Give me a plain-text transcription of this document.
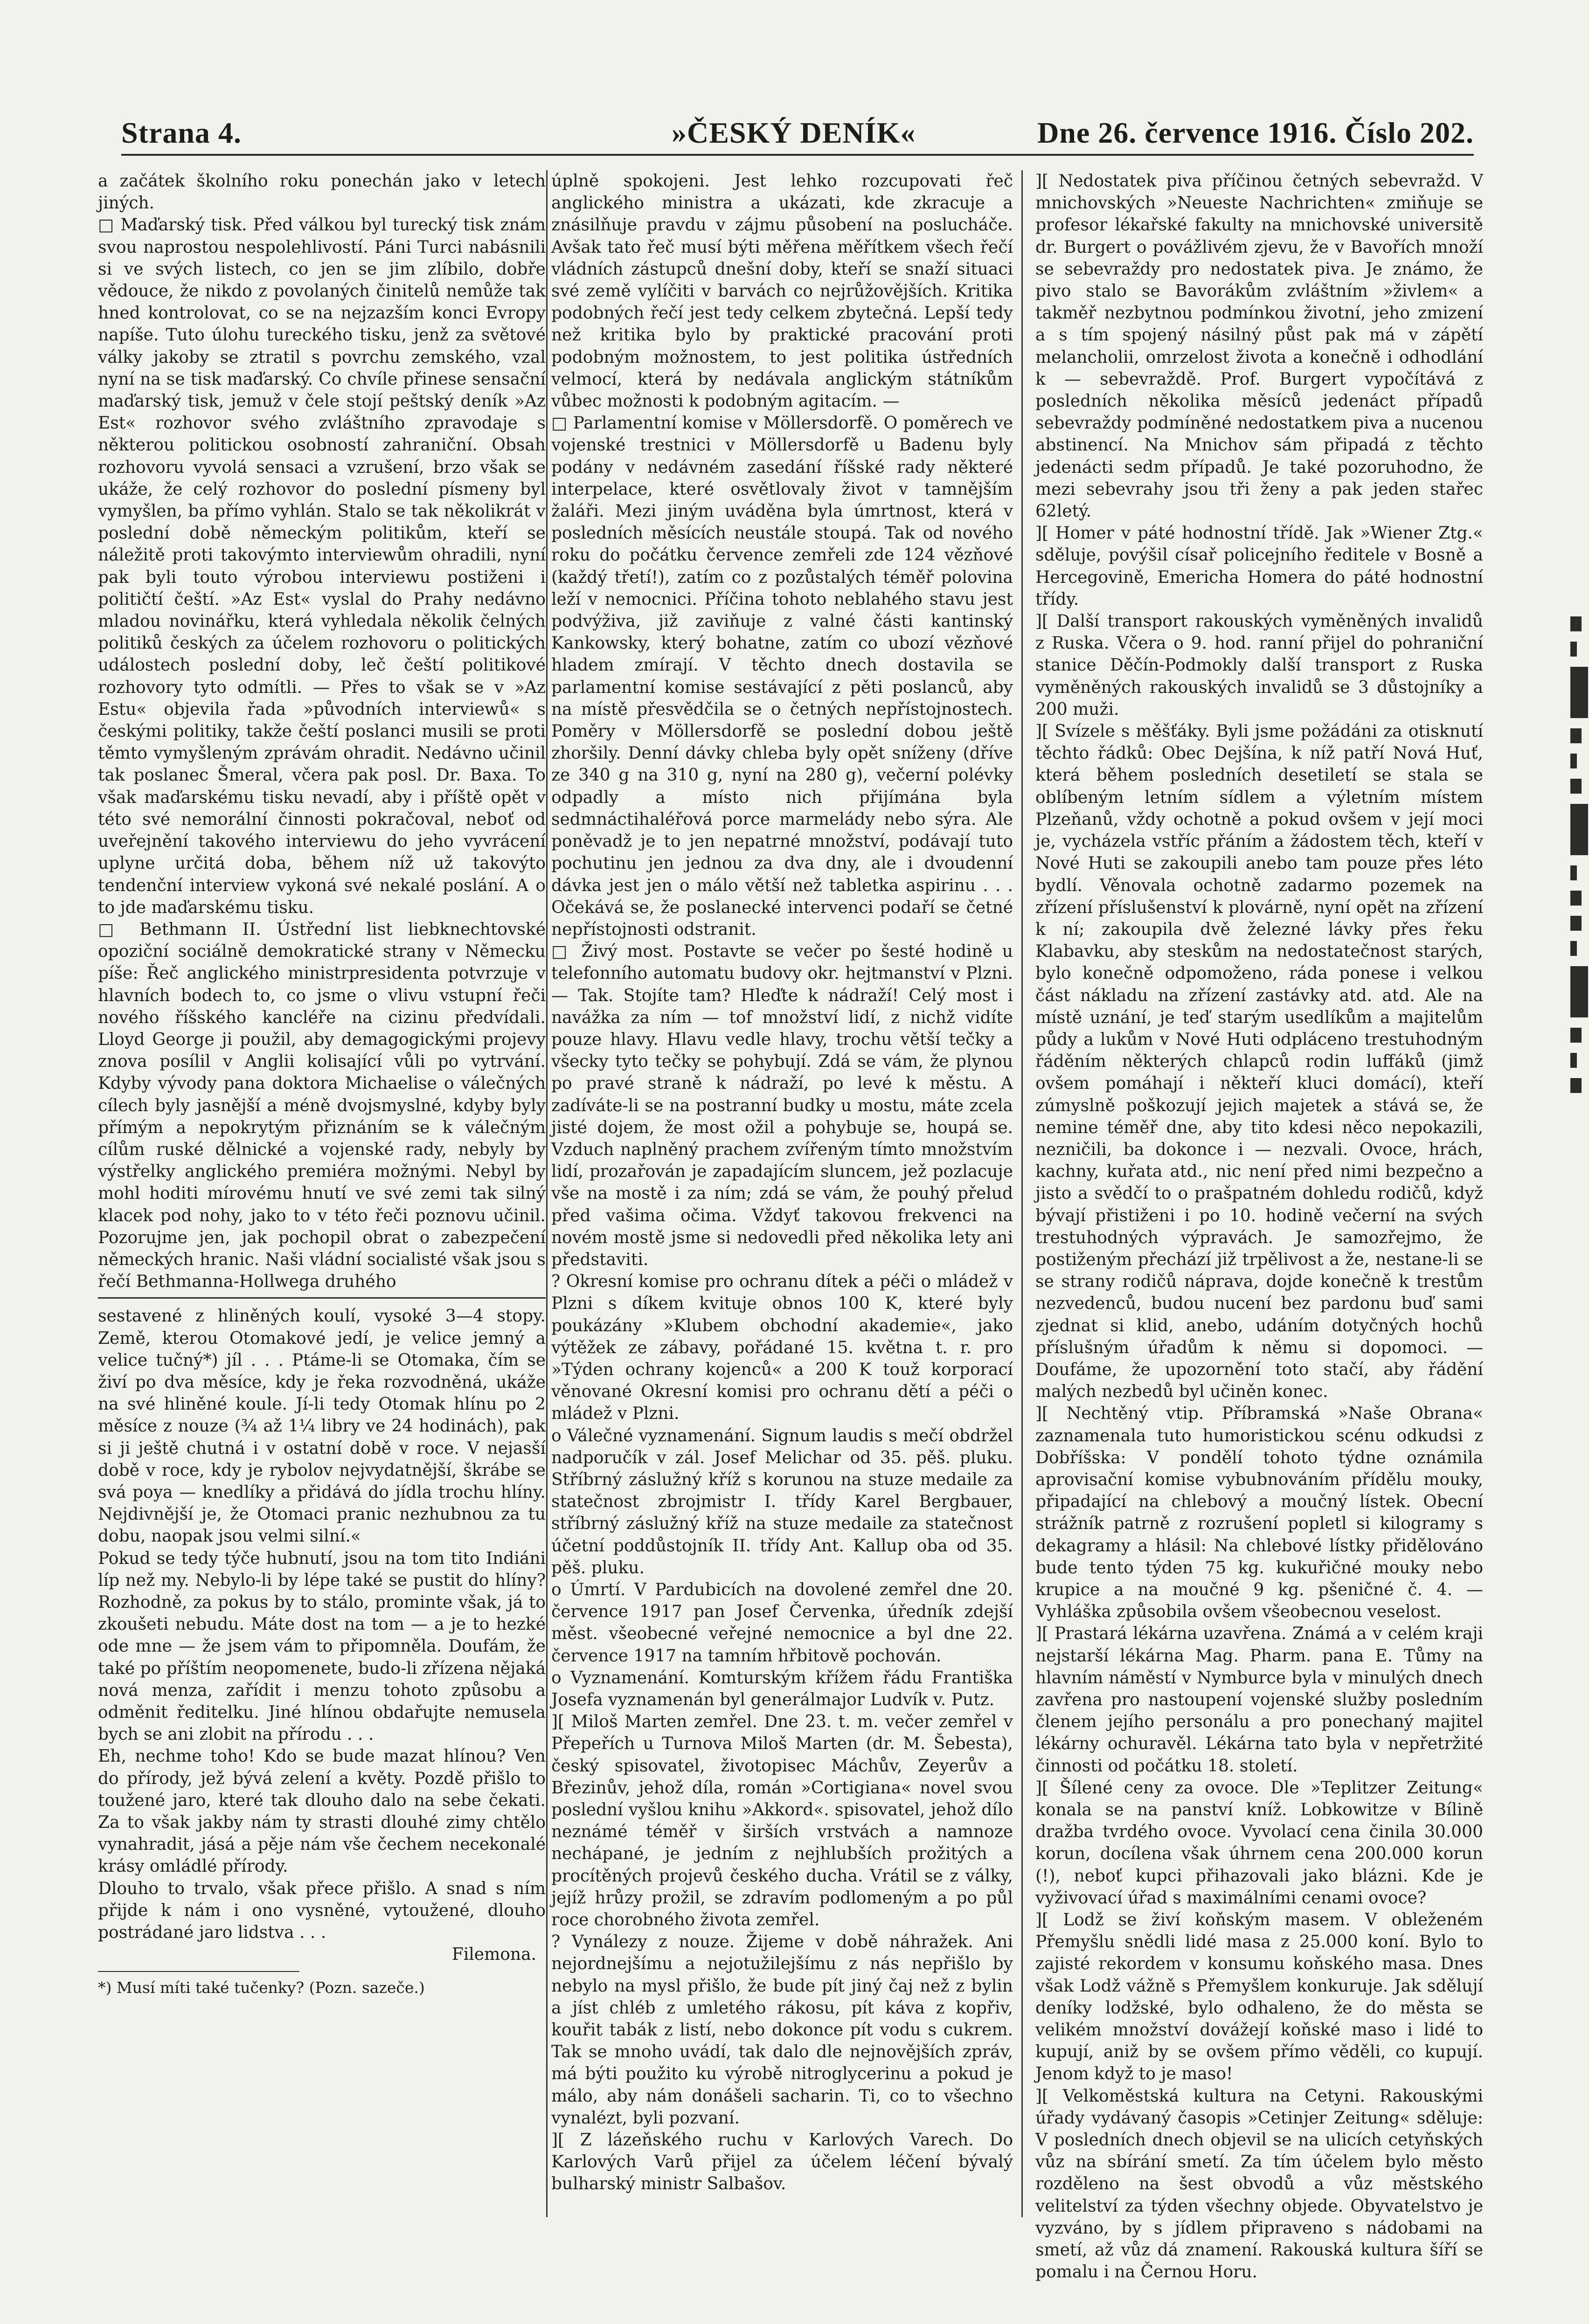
Strana 4.	»ČESKÝ DENÍK«	Dne 26. července 1916. Číslo 202.

a začátek školního roku ponechán jako v letech jiných.

□ Maďarský tisk. Před válkou byl turecký tisk znám svou naprostou nespolehlivostí. Páni Turci nabásnili si ve svých listech, co jen se jim zlíbilo, dobře vědouce, že nikdo z povolaných činitelů nemůže tak hned kontrolovat, co se na nejzazším konci Evropy napíše. Tuto úlohu tureckého tisku, jenž za světové války jakoby se ztratil s povrchu zemského, vzal nyní na se tisk maďarský. Co chvíle přinese sensační maďarský tisk, jemuž v čele stojí peštský deník »Az Est« rozhovor svého zvláštního zpravodaje s některou politickou osobností zahraniční. Obsah rozhovoru vyvolá sensaci a vzrušení, brzo však se ukáže, že celý rozhovor do poslední písmeny byl vymyšlen, ba přímo vyhlán. Stalo se tak několikrát v poslední době německým politikům, kteří se náležitě proti takovýmto interviewům ohradili, nyní pak byli touto výrobou interviewu postiženi i političtí čeští. »Az Est« vyslal do Prahy nedávno mladou novinářku, která vyhledala několik čelných politiků českých za účelem rozhovoru o politických událostech poslední doby, leč čeští politikové rozhovory tyto odmítli. — Přes to však se v »Az Estu« objevila řada »původních interviewů« s českými politiky, takže čeští poslanci musili se proti těmto vymyšleným zprávám ohradit. Nedávno učinil tak poslanec Šmeral, včera pak posl. Dr. Baxa. To však maďarskému tisku nevadí, aby i příště opět v této své nemorální činnosti pokračoval, neboť od uveřejnění takového interviewu do jeho vyvrácení uplyne určitá doba, během níž už takovýto tendenční interview vykoná své nekalé poslání. A o to jde maďarskému tisku.

□ Bethmann II. Ústřední list liebknechtovské opoziční sociálně demokratické strany v Německu píše: Řeč anglického ministrpresidenta potvrzuje v hlavních bodech to, co jsme o vlivu vstupní řeči nového říšského kancléře na cizinu předvídali. Lloyd George ji použil, aby demagogickými projevy znova posílil v Anglii kolisající vůli po vytrvání. Kdyby vývody pana doktora Michaelise o válečných cílech byly jasnější a méně dvojsmyslné, kdyby byly přímým a nepokrytým přiznáním se k válečným cílům ruské dělnické a vojenské rady, nebyly by výstřelky anglického premiéra možnými. Nebyl by mohl hoditi mírovému hnutí ve své zemi tak silný klacek pod nohy, jako to v této řeči poznovu učinil. Pozorujme jen, jak pochopil obrat o zabezpečení německých hranic. Naši vládní socialisté však jsou s řečí Bethmanna-Hollwega druhého

sestavené z hliněných koulí, vysoké 3—4 stopy. Země, kterou Otomakové jedí, je velice jemný a velice tučný*) jíl . . . Ptáme-li se Otomaka, čím se živí po dva měsíce, kdy je řeka rozvodněná, ukáže na své hliněné koule. Jí-li tedy Otomak hlínu po 2 měsíce z nouze (¾ až 1¼ libry ve 24 hodinách), pak si ji ještě chutná i v ostatní době v roce. V nejasší době v roce, kdy je rybolov nejvydatnější, škrábe se svá poya — knedlíky a přidává do jídla trochu hlíny. Nejdivnější je, že Otomaci pranic nezhubnou za tu dobu, naopak jsou velmi silní.«

Pokud se tedy týče hubnutí, jsou na tom tito Indiáni líp než my. Nebylo-li by lépe také se pustit do hlíny? Rozhodně, za pokus by to stálo, prominte však, já to zkoušeti nebudu. Máte dost na tom — a je to hezké ode mne — že jsem vám to připomněla. Doufám, že také po příštím neopomenete, budo-li zřízena nějaká nová menza, zařídit i menzu tohoto způsobu a odměnit ředitelku. Jiné hlínou obdařujte nemusela bych se ani zlobit na přírodu . . .

Eh, nechme toho! Kdo se bude mazat hlínou? Ven do přírody, jež bývá zelení a květy. Pozdě přišlo to toužené jaro, které tak dlouho dalo na sebe čekati. Za to však jakby nám ty strasti dlouhé zimy chtělo vynahradit, jásá a pěje nám vše čechem necekonalé krásy omládlé přírody.

Dlouho to trvalo, však přece přišlo. A snad s ním přijde k nám i ono vysněné, vytoužené, dlouho postrádané jaro lidstva . . .

Filemona.

*) Musí míti také tučenky? (Pozn. sazeče.)

úplně spokojeni. Jest lehko rozcupovati řeč anglického ministra a ukázati, kde zkracuje a znásilňuje pravdu v zájmu působení na poslucháče. Avšak tato řeč musí býti měřena měřítkem všech řečí vládních zástupců dnešní doby, kteří se snaží situaci své země vylíčiti v barvách co nejrůžovějších. Kritika podobných řečí jest tedy celkem zbytečná. Lepší tedy než kritika bylo by praktické pracování proti podobným možnostem, to jest politika ústředních velmocí, která by nedávala anglickým státníkům vůbec možnosti k podobným agitacím. —

□ Parlamentní komise v Möllersdorfě. O poměrech ve vojenské trestnici v Möllersdorfě u Badenu byly podány v nedávném zasedání říšské rady některé interpelace, které osvětlovaly život v tamnějším žaláři. Mezi jiným uváděna byla úmrtnost, která v posledních měsících neustále stoupá. Tak od nového roku do počátku července zemřeli zde 124 vězňové (každý třetí!), zatím co z pozůstalých téměř polovina leží v nemocnici. Příčina tohoto neblahého stavu jest podvýživa, již zaviňuje z valné části kantinský Kankowsky, který bohatne, zatím co ubozí vězňové hladem zmírají. V těchto dnech dostavila se parlamentní komise sestávající z pěti poslanců, aby na místě přesvědčila se o četných nepřístojnostech. Poměry v Möllersdorfě se poslední dobou ještě zhoršily. Denní dávky chleba byly opět sníženy (dříve ze 340 g na 310 g, nyní na 280 g), večerní polévky odpadly a místo nich přijímána byla sedmnáctihaléřová porce marmelády nebo sýra. Ale poněvadž je to jen nepatrné množství, podávají tuto pochutinu jen jednou za dva dny, ale i dvoudenní dávka jest jen o málo větší než tabletka aspirinu . . . Očekává se, že poslanecké intervenci podaří se četné nepřístojnosti odstranit.

□ Živý most. Postavte se večer po šesté hodině u telefonního automatu budovy okr. hejtmanství v Plzni. — Tak. Stojíte tam? Hleďte k nádraží! Celý most i navážka za ním — tof množství lidí, z nichž vidíte pouze hlavy. Hlavu vedle hlavy, trochu větší tečky a všecky tyto tečky se pohybují. Zdá se vám, že plynou po pravé straně k nádraží, po levé k městu. A zadíváte-li se na postranní budky u mostu, máte zcela jisté dojem, že most ožil a pohybuje se, houpá se. Vzduch naplněný prachem zvířeným tímto množstvím lidí, prozařován je zapadajícím sluncem, jež pozlacuje vše na mostě i za ním; zdá se vám, že pouhý přelud před vašima očima. Vždyť takovou frekvenci na novém mostě jsme si nedovedli před několika lety ani představiti.

? Okresní komise pro ochranu dítek a péči o mládež v Plzni s díkem kvituje obnos 100 K, které byly poukázány »Klubem obchodní akademie«, jako výtěžek ze zábavy, pořádané 15. května t. r. pro »Týden ochrany kojenců« a 200 K touž korporací věnované Okresní komisi pro ochranu dětí a péči o mládež v Plzni.

o Válečné vyznamenání. Signum laudis s mečí obdržel nadporučík v zál. Josef Melichar od 35. pěš. pluku. Stříbrný záslužný kříž s korunou na stuze medaile za statečnost zbrojmistr I. třídy Karel Bergbauer, stříbrný záslužný kříž na stuze medaile za statečnost účetní poddůstojník II. třídy Ant. Kallup oba od 35. pěš. pluku.

o Úmrtí. V Pardubicích na dovolené zemřel dne 20. července 1917 pan Josef Červenka, úředník zdejší měst. všeobecné veřejné nemocnice a byl dne 22. července 1917 na tamním hřbitově pochován.

o Vyznamenání. Komturským křížem řádu Františka Josefa vyznamenán byl generálmajor Ludvík v. Putz.

][ Miloš Marten zemřel. Dne 23. t. m. večer zemřel v Přepeřích u Turnova Miloš Marten (dr. M. Šebesta), český spisovatel, životopisec Máchův, Zeyerův a Březinův, jehož díla, román »Cortigiana« novel svou poslední vyšlou knihu »Akkord«. spisovatel, jehož dílo neznámé téměř v širších vrstvách a namnoze nechápané, je jedním z nejhlubších prožitých a procítěných projevů českého ducha. Vrátil se z války, jejíž hrůzy prožil, se zdravím podlomeným a po půl roce chorobného života zemřel.

? Vynálezy z nouze. Žijeme v době náhražek. Ani nejordnejšímu a nejotužilejšímu z nás nepřišlo by nebylo na mysl přišlo, že bude pít jiný čaj než z bylin a jíst chléb z umletého rákosu, pít káva z kopřiv, kouřit tabák z listí, nebo dokonce pít vodu s cukrem. Tak se mnoho uvádí, tak dalo dle nejnovějších zpráv, má býti použito ku výrobě nitroglycerinu a pokud je málo, aby nám donášeli sacharin. Ti, co to všechno vynalézt, byli pozvaní.

][ Z lázeňského ruchu v Karlových Varech. Do Karlových Varů přijel za účelem léčení bývalý bulharský ministr Salbašov.

][ Nedostatek piva příčinou četných sebevražd. V mnichovských »Neueste Nachrichten« zmiňuje se profesor lékařské fakulty na mnichovské universitě dr. Burgert o povážlivém zjevu, že v Bavořích množí se sebevraždy pro nedostatek piva. Je známo, že pivo stalo se Bavorákům zvláštním »živlem« a takměř nezbytnou podmínkou životní, jeho zmizení a s tím spojený násilný půst pak má v zápětí melancholii, omrzelost života a konečně i odhodlání k — sebevraždě. Prof. Burgert vypočítává z posledních několika měsíců jedenáct případů sebevraždy podmíněné nedostatkem piva a nucenou abstinencí. Na Mnichov sám připadá z těchto jedenácti sedm případů. Je také pozoruhodno, že mezi sebevrahy jsou tři ženy a pak jeden stařec 62letý.

][ Homer v páté hodnostní třídě. Jak »Wiener Ztg.« sděluje, povýšil císař policejního ředitele v Bosně a Hercegovině, Emericha Homera do páté hodnostní třídy.

][ Další transport rakouských vyměněných invalidů z Ruska. Včera o 9. hod. ranní přijel do pohraniční stanice Děčín-Podmokly další transport z Ruska vyměněných rakouských invalidů se 3 důstojníky a 200 muži.

][ Svízele s měšťáky. Byli jsme požádáni za otisknutí těchto řádků: Obec Dejšína, k níž patří Nová Huť, která během posledních desetiletí se stala se oblíbeným letním sídlem a výletním místem Plzeňanů, vždy ochotně a pokud ovšem v její moci je, vycházela vstříc přáním a žádostem těch, kteří v Nové Huti se zakoupili anebo tam pouze přes léto bydlí. Věnovala ochotně zadarmo pozemek na zřízení příslušenství k plovárně, nyní opět na zřízení k ní; zakoupila dvě železné lávky přes řeku Klabavku, aby steskům na nedostatečnost starých, bylo konečně odpomoženo, ráda ponese i velkou část nákladu na zřízení zastávky atd. atd. Ale na místě uznání, je teď starým usedlíkům a majitelům půdy a lukům v Nové Huti odpláceno trestuhodným řáděním některých chlapců rodin luffáků (jimž ovšem pomáhají i někteří kluci domácí), kteří zúmyslně poškozují jejich majetek a stává se, že nemine téměř dne, aby tito kdesi něco nepokazili, nezničili, ba dokonce i — nezvali. Ovoce, hrách, kachny, kuřata atd., nic není před nimi bezpečno a jisto a svědčí to o prašpatném dohledu rodičů, když bývají přistiženi i po 10. hodině večerní na svých trestuhodných výpravách. Je samozřejmo, že postiženým přechází již trpělivost a že, nestane-li se se strany rodičů náprava, dojde konečně k trestům nezvedenců, budou nucení bez pardonu buď sami zjednat si klid, anebo, udáním dotyčných hochů příslušným úřadům k němu si dopomoci. — Doufáme, že upozornění toto stačí, aby řádění malých nezbedů byl učiněn konec.

][ Nechtěný vtip. Příbramská »Naše Obrana« zaznamenala tuto humoristickou scénu odkudsi z Dobříšska: V pondělí tohoto týdne oznámila aprovisační komise vybubnováním přídělu mouky, připadající na chlebový a moučný lístek. Obecní strážník patrně z rozrušení popletl si kilogramy s dekagramy a hlásil: Na chlebové lístky přidělováno bude tento týden 75 kg. kukuřičné mouky nebo krupice a na moučné 9 kg. pšeničné č. 4. — Vyhláška způsobila ovšem všeobecnou veselost.

][ Prastará lékárna uzavřena. Známá a v celém kraji nejstarší lékárna Mag. Pharm. pana E. Tůmy na hlavním náměstí v Nymburce byla v minulých dnech zavřena pro nastoupení vojenské služby posledním členem jejího personálu a pro ponechaný majitel lékárny ochuravěl. Lékárna tato byla v nepřetržité činnosti od počátku 18. století.

][ Šílené ceny za ovoce. Dle »Teplitzer Zeitung« konala se na panství kníž. Lobkowitze v Bílině dražba tvrdého ovoce. Vyvolací cena činila 30.000 korun, docílena však úhrnem cena 200.000 korun (!), neboť kupci přihazovali jako blázni. Kde je vyživovací úřad s maximálními cenami ovoce?

][ Lodž se živí koňským masem. V obleženém Přemyšlu snědli lidé masa z 25.000 koní. Bylo to zajisté rekordem v konsumu koňského masa. Dnes však Lodž vážně s Přemyšlem konkuruje. Jak sdělují deníky lodžské, bylo odhaleno, že do města se velikém množství dovážejí koňské maso i lidé to kupují, aniž by se ovšem přímo věděli, co kupují. Jenom když to je maso!

][ Velkoměstská kultura na Cetyni. Rakouskými úřady vydávaný časopis »Cetinjer Zeitung« sděluje: V posledních dnech objevil se na ulicích cetyňských vůz na sbírání smetí. Za tím účelem bylo město rozděleno na šest obvodů a vůz městského velitelství za týden všechny objede. Obyvatelstvo je vyzváno, by s jídlem připraveno s nádobami na smetí, až vůz dá znamení. Rakouská kultura šíří se pomalu i na Černou Horu.
